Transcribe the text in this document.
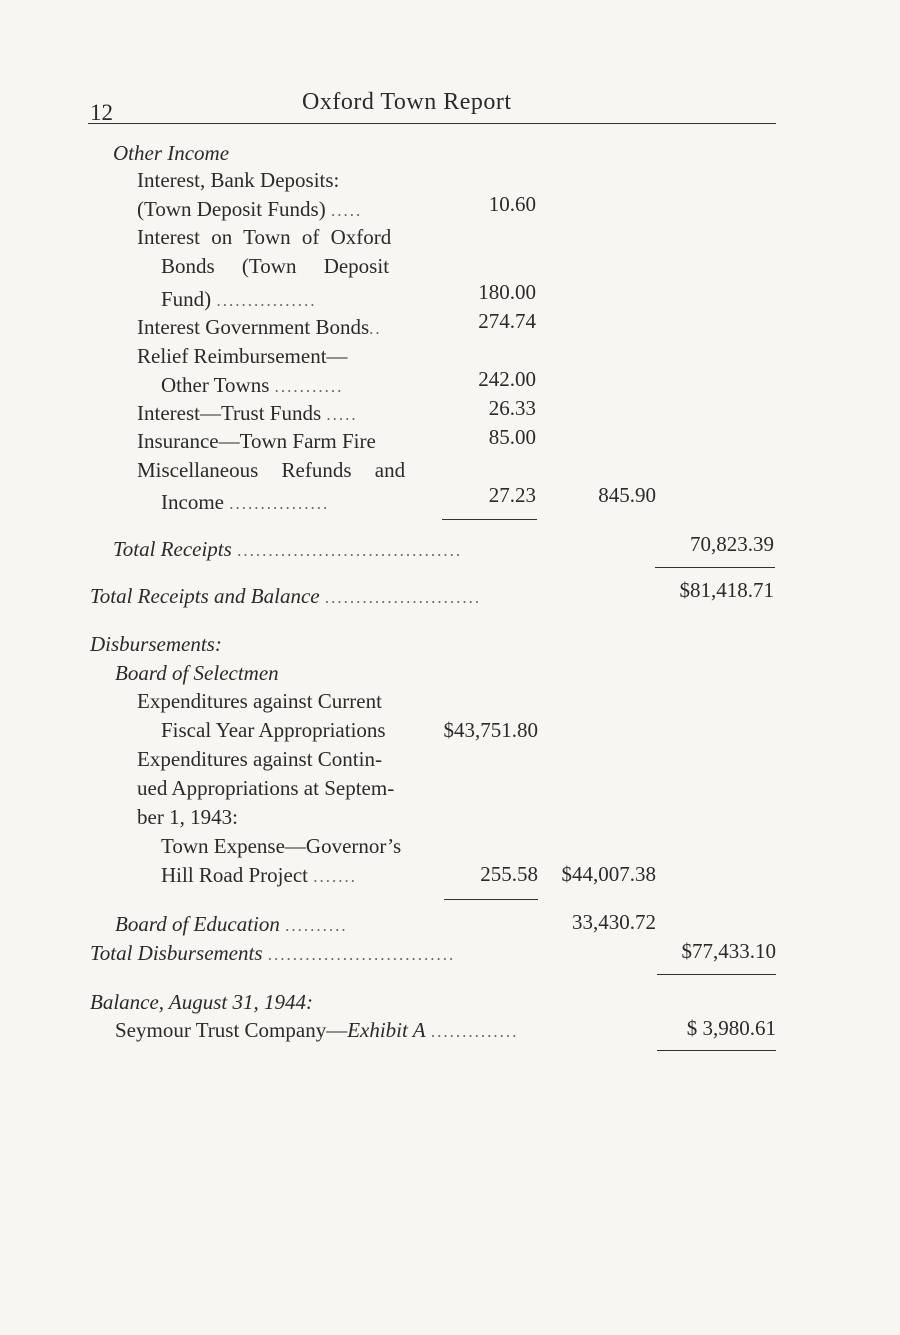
12	Oxford Town Report
Other Income
Interest, Bank Deposits:
(Town Deposit Funds) .....	10.60
Interest on Town of Oxford
Bonds (Town Deposit
Fund) ................	180.00
Interest Government Bonds..	274.74
Relief Reimbursement—
Other Towns ...........	242.00
Interest—Trust Funds .....	26.33
Insurance—Town Farm Fire	85.00
Miscellaneous Refunds and
Income ................	27.23	845.90
Total Receipts ....................................	70,823.39
Total Receipts and Balance .........................	$81,418.71
Disbursements:
Board of Selectmen
Expenditures against Current
Fiscal Year Appropriations	$43,751.80
Expenditures against Contin-
ued Appropriations at Septem-
ber 1, 1943:
Town Expense—Governor’s
Hill Road Project .......	255.58	$44,007.38
Board of Education ..........	33,430.72
Total Disbursements ..............................	$77,433.10
Balance, August 31, 1944:
Seymour Trust Company—Exhibit A ..............	$ 3,980.61
